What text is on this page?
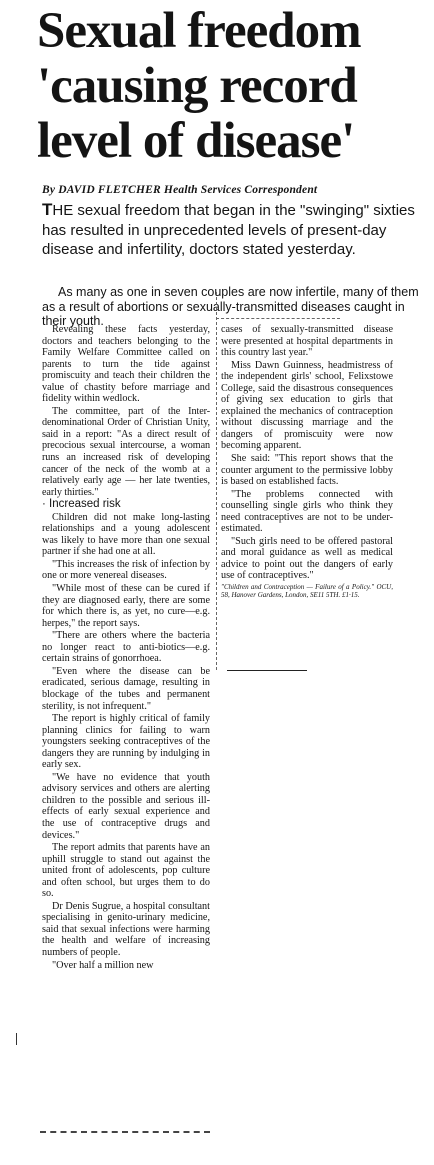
Sexual freedom
'causing record
level of disease'
By DAVID FLETCHER Health Services Correspondent

THE sexual freedom that began in the "swinging" sixties has resulted in unprecedented levels of present-day disease and infertility, doctors stated yesterday.

As many as one in seven couples are now infertile, many of them as a result of abortions or sexually-transmitted diseases caught in their youth.

Revealing these facts yesterday, doctors and teachers belonging to the Family Welfare Committee called on parents to turn the tide against promiscuity and teach their children the value of chastity before marriage and fidelity within wedlock.

The committee, part of the Inter-denominational Order of Christian Unity, said in a report: "As a direct result of precocious sexual intercourse, a woman runs an increased risk of developing cancer of the neck of the womb at a relatively early age — her late twenties, early thirties."

· Increased risk

Children did not make long-lasting relationships and a young adolescent was likely to have more than one sexual partner if she had one at all.

"This increases the risk of infection by one or more venereal diseases.

"While most of these can be cured if they are diagnosed early, there are some for which there is, as yet, no cure—e.g. herpes," the report says.

"There are others where the bacteria no longer react to anti-biotics—e.g. certain strains of gonorrhoea.

"Even where the disease can be eradicated, serious damage, resulting in blockage of the tubes and permanent sterility, is not infrequent."

The report is highly critical of family planning clinics for failing to warn youngsters seeking contraceptives of the dangers they are running by indulging in early sex.

"We have no evidence that youth advisory services and others are alerting children to the possible and serious ill-effects of early sexual experience and the use of contraceptive drugs and devices."

The report admits that parents have an uphill struggle to stand out against the united front of adolescents, pop culture and often school, but urges them to do so.

Dr Denis Sugrue, a hospital consultant specialising in genito-urinary medicine, said that sexual infections were harming the health and welfare of increasing numbers of people.

"Over half a million new

cases of sexually-transmitted disease were presented at hospital departments in this country last year."

Miss Dawn Guinness, headmistress of the independent girls' school, Felixstowe College, said the disastrous consequences of giving sex education to girls that explained the mechanics of contraception without discussing marriage and the dangers of promiscuity were now becoming apparent.

She said: "This report shows that the counter argument to the permissive lobby is based on established facts.

"The problems connected with counselling single girls who think they need contraceptives are not to be under-estimated.

"Such girls need to be offered pastoral and moral guidance as well as medical advice to point out the dangers of early use of contraceptives."

"Children and Contraception — Failure of a Policy." OCU, 58, Hanover Gardens, London, SE11 5TH. £1·15.
